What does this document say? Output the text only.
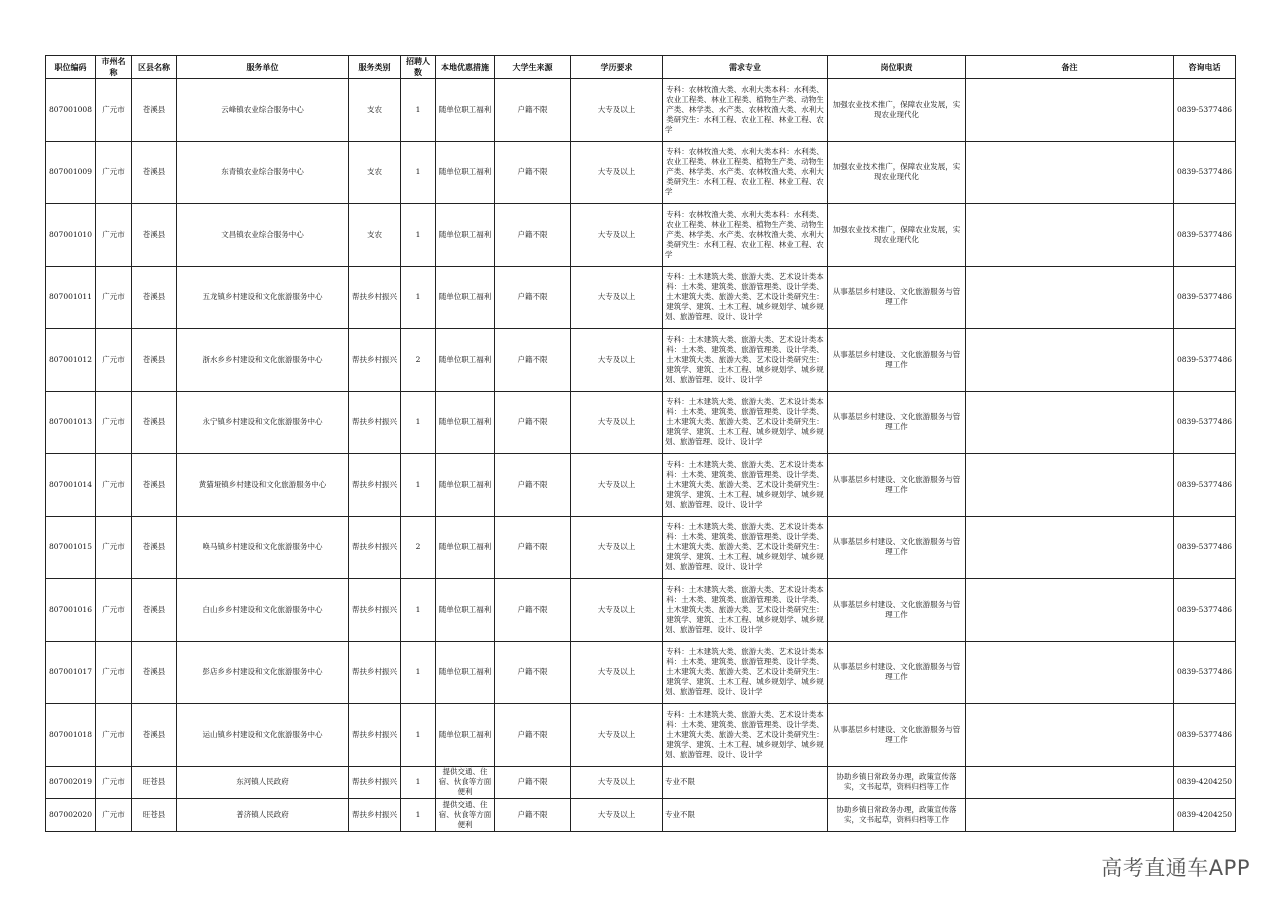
职位编码	市州名称	区县名称	服务单位	服务类别	招聘人数	本地优惠措施	大学生来源	学历要求	需求专业	岗位职责	备注	咨询电话
807001008	广元市	苍溪县	云峰镇农业综合服务中心	支农	1	随单位职工福利	户籍不限	大专及以上	专科：农林牧渔大类、水利大类本科：水利类、农业工程类、林业工程类、植物生产类、动物生产类、林学类、水产类、农林牧渔大类、水利大类研究生：水利工程、农业工程、林业工程、农学	加强农业技术推广，保障农业发展，实现农业现代化		0839-5377486
807001009	广元市	苍溪县	东青镇农业综合服务中心	支农	1	随单位职工福利	户籍不限	大专及以上	专科：农林牧渔大类、水利大类本科：水利类、农业工程类、林业工程类、植物生产类、动物生产类、林学类、水产类、农林牧渔大类、水利大类研究生：水利工程、农业工程、林业工程、农学	加强农业技术推广，保障农业发展，实现农业现代化		0839-5377486
807001010	广元市	苍溪县	文昌镇农业综合服务中心	支农	1	随单位职工福利	户籍不限	大专及以上	专科：农林牧渔大类、水利大类本科：水利类、农业工程类、林业工程类、植物生产类、动物生产类、林学类、水产类、农林牧渔大类、水利大类研究生：水利工程、农业工程、林业工程、农学	加强农业技术推广，保障农业发展，实现农业现代化		0839-5377486
807001011	广元市	苍溪县	五龙镇乡村建设和文化旅游服务中心	帮扶乡村振兴	1	随单位职工福利	户籍不限	大专及以上	专科：土木建筑大类、旅游大类、艺术设计类本科：土木类、建筑类、旅游管理类、设计学类、土木建筑大类、旅游大类、艺术设计类研究生：建筑学、建筑、土木工程、城乡规划学、城乡规划、旅游管理、设计、设计学	从事基层乡村建设、文化旅游服务与管理工作		0839-5377486
807001012	广元市	苍溪县	浙水乡乡村建设和文化旅游服务中心	帮扶乡村振兴	2	随单位职工福利	户籍不限	大专及以上	专科：土木建筑大类、旅游大类、艺术设计类本科：土木类、建筑类、旅游管理类、设计学类、土木建筑大类、旅游大类、艺术设计类研究生：建筑学、建筑、土木工程、城乡规划学、城乡规划、旅游管理、设计、设计学	从事基层乡村建设、文化旅游服务与管理工作		0839-5377486
807001013	广元市	苍溪县	永宁镇乡村建设和文化旅游服务中心	帮扶乡村振兴	1	随单位职工福利	户籍不限	大专及以上	专科：土木建筑大类、旅游大类、艺术设计类本科：土木类、建筑类、旅游管理类、设计学类、土木建筑大类、旅游大类、艺术设计类研究生：建筑学、建筑、土木工程、城乡规划学、城乡规划、旅游管理、设计、设计学	从事基层乡村建设、文化旅游服务与管理工作		0839-5377486
807001014	广元市	苍溪县	黄猫垭镇乡村建设和文化旅游服务中心	帮扶乡村振兴	1	随单位职工福利	户籍不限	大专及以上	专科：土木建筑大类、旅游大类、艺术设计类本科：土木类、建筑类、旅游管理类、设计学类、土木建筑大类、旅游大类、艺术设计类研究生：建筑学、建筑、土木工程、城乡规划学、城乡规划、旅游管理、设计、设计学	从事基层乡村建设、文化旅游服务与管理工作		0839-5377486
807001015	广元市	苍溪县	唤马镇乡村建设和文化旅游服务中心	帮扶乡村振兴	2	随单位职工福利	户籍不限	大专及以上	专科：土木建筑大类、旅游大类、艺术设计类本科：土木类、建筑类、旅游管理类、设计学类、土木建筑大类、旅游大类、艺术设计类研究生：建筑学、建筑、土木工程、城乡规划学、城乡规划、旅游管理、设计、设计学	从事基层乡村建设、文化旅游服务与管理工作		0839-5377486
807001016	广元市	苍溪县	白山乡乡村建设和文化旅游服务中心	帮扶乡村振兴	1	随单位职工福利	户籍不限	大专及以上	专科：土木建筑大类、旅游大类、艺术设计类本科：土木类、建筑类、旅游管理类、设计学类、土木建筑大类、旅游大类、艺术设计类研究生：建筑学、建筑、土木工程、城乡规划学、城乡规划、旅游管理、设计、设计学	从事基层乡村建设、文化旅游服务与管理工作		0839-5377486
807001017	广元市	苍溪县	彭店乡乡村建设和文化旅游服务中心	帮扶乡村振兴	1	随单位职工福利	户籍不限	大专及以上	专科：土木建筑大类、旅游大类、艺术设计类本科：土木类、建筑类、旅游管理类、设计学类、土木建筑大类、旅游大类、艺术设计类研究生：建筑学、建筑、土木工程、城乡规划学、城乡规划、旅游管理、设计、设计学	从事基层乡村建设、文化旅游服务与管理工作		0839-5377486
807001018	广元市	苍溪县	运山镇乡村建设和文化旅游服务中心	帮扶乡村振兴	1	随单位职工福利	户籍不限	大专及以上	专科：土木建筑大类、旅游大类、艺术设计类本科：土木类、建筑类、旅游管理类、设计学类、土木建筑大类、旅游大类、艺术设计类研究生：建筑学、建筑、土木工程、城乡规划学、城乡规划、旅游管理、设计、设计学	从事基层乡村建设、文化旅游服务与管理工作		0839-5377486
807002019	广元市	旺苍县	东河镇人民政府	帮扶乡村振兴	1	提供交通、住宿、伙食等方面便利	户籍不限	大专及以上	专业不限	协助乡镇日常政务办理，政策宣传落实，文书起草，资料归档等工作		0839-4204250
807002020	广元市	旺苍县	普济镇人民政府	帮扶乡村振兴	1	提供交通、住宿、伙食等方面便利	户籍不限	大专及以上	专业不限	协助乡镇日常政务办理，政策宣传落实，文书起草，资料归档等工作		0839-4204250
高考直通车APP
